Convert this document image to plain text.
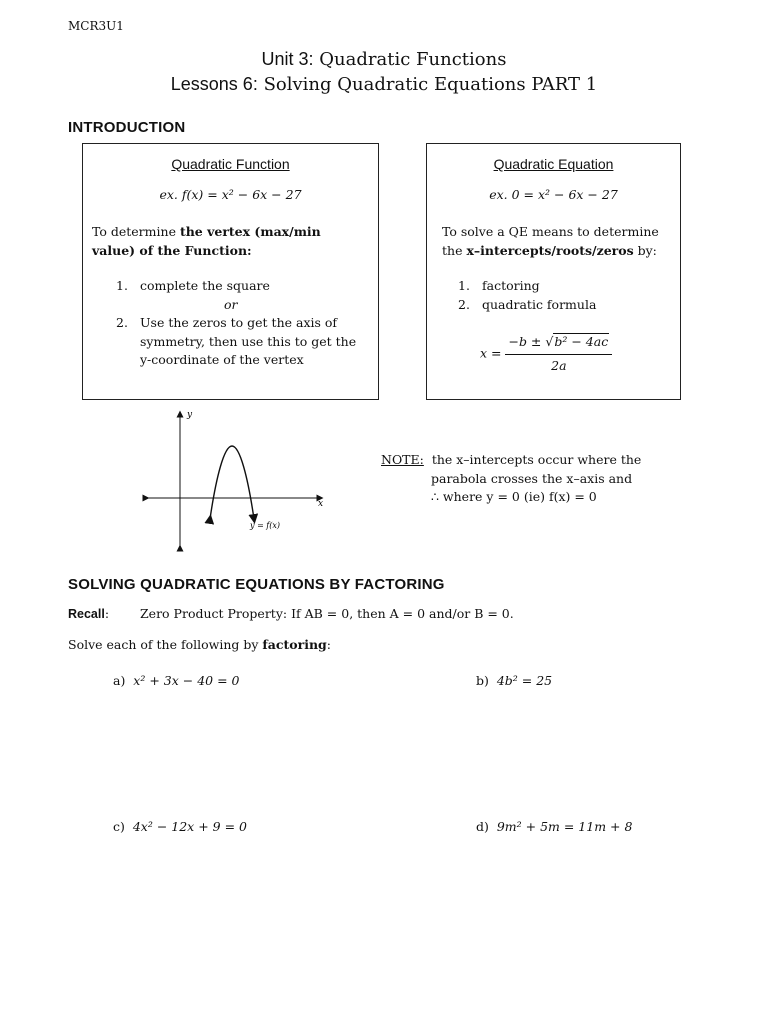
MCR3U1
Unit 3: Quadratic Functions
Lessons 6: Solving Quadratic Equations PART 1
INTRODUCTION
Quadratic Function
ex. f(x) = x² − 6x − 27
To determine the vertex (max/min value) of the Function:
1. complete the square
or
2. Use the zeros to get the axis of symmetry, then use this to get the y-coordinate of the vertex
Quadratic Equation
ex. 0 = x² − 6x − 27
To solve a QE means to determine the x–intercepts/roots/zeros by:
1. factoring
2. quadratic formula
$x = \frac{\text{−b ± √b² − 4ac}}{2a}$
y
x
y = f(x)
NOTE: the x–intercepts occur where the
parabola crosses the x–axis and
∴ where y = 0 (ie) f(x) = 0
SOLVING QUADRATIC EQUATIONS BY FACTORING
Recall: Zero Product Property: If AB = 0, then A = 0 and/or B = 0.
Solve each of the following by factoring:
a) x² + 3x − 40 = 0	b) 4b² = 25
c) 4x² − 12x + 9 = 0	d) 9m² + 5m = 11m + 8
